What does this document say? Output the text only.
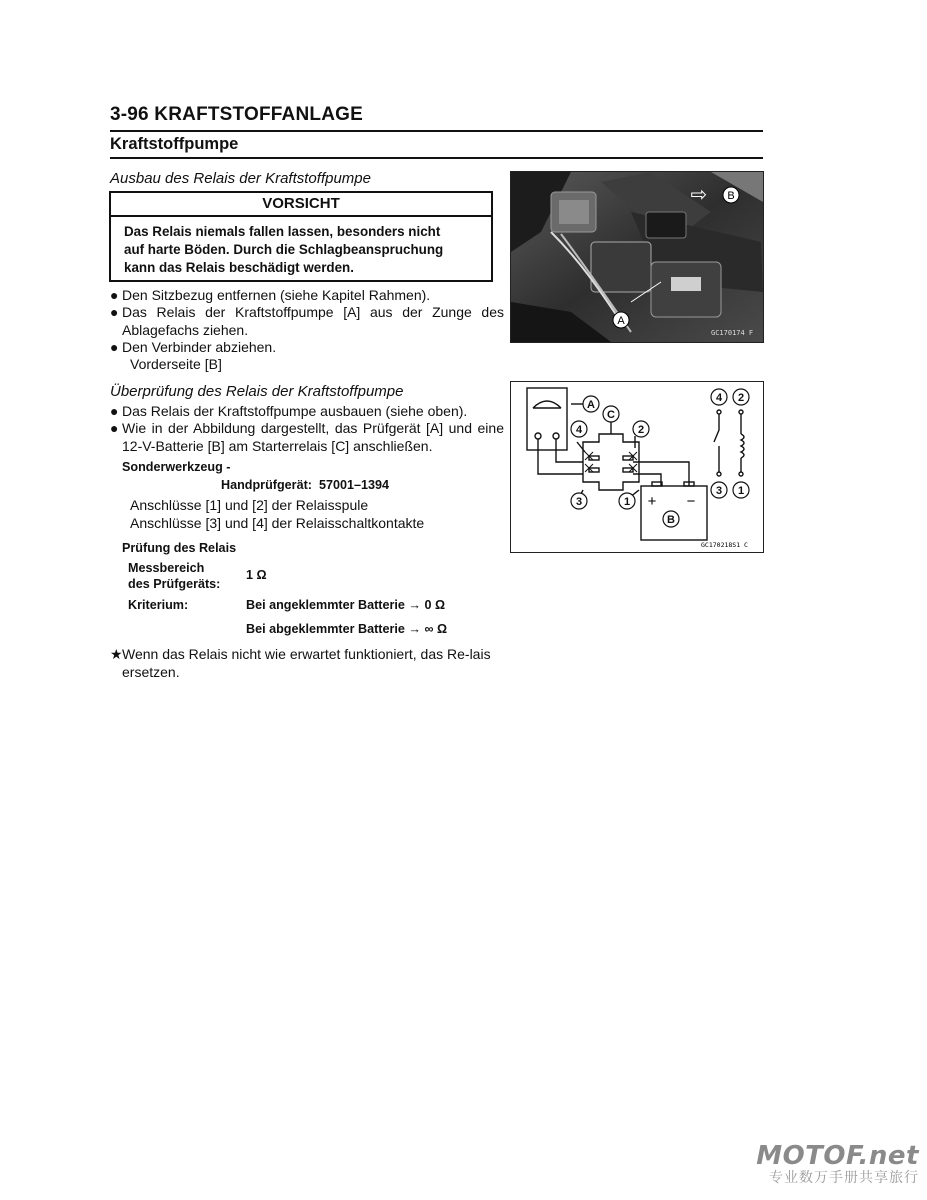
3-96 KRAFTSTOFFANLAGE
Kraftstoffpumpe
Ausbau des Relais der Kraftstoffpumpe
VORSICHT
Das Relais niemals fallen lassen, besonders nicht
auf harte Böden. Durch die Schlagbeanspruchung
kann das Relais beschädigt werden.
● Den Sitzbezug entfernen (siehe Kapitel Rahmen).
● Das Relais der Kraftstoffpumpe [A] aus der Zunge des Ablagefachs ziehen.
● Den Verbinder abziehen.
Vorderseite [B]
Überprüfung des Relais der Kraftstoffpumpe
● Das Relais der Kraftstoffpumpe ausbauen (siehe oben).
● Wie in der Abbildung dargestellt, das Prüfgerät [A] und eine 12-V-Batterie [B] am Starterrelais [C] anschließen.
Sonderwerkzeug -
Handprüfgerät:  57001–1394
Anschlüsse [1] und [2] der Relaisspule
Anschlüsse [3] und [4] der Relaisschaltkontakte
Prüfung des Relais
Messbereich
des Prüfgeräts:
1 Ω
Kriterium:	Bei angeklemmter Batterie → 0 Ω
Bei abgeklemmter Batterie → ∞ Ω
★ Wenn das Relais nicht wie erwartet funktioniert, das Re-lais ersetzen.
A
⇨ B
GC170174 F
A
C
4	2
3	1
B
4 2
3 1
+ −
GC170218S1 C
MOTOF.net
专业数万手册共享旅行
